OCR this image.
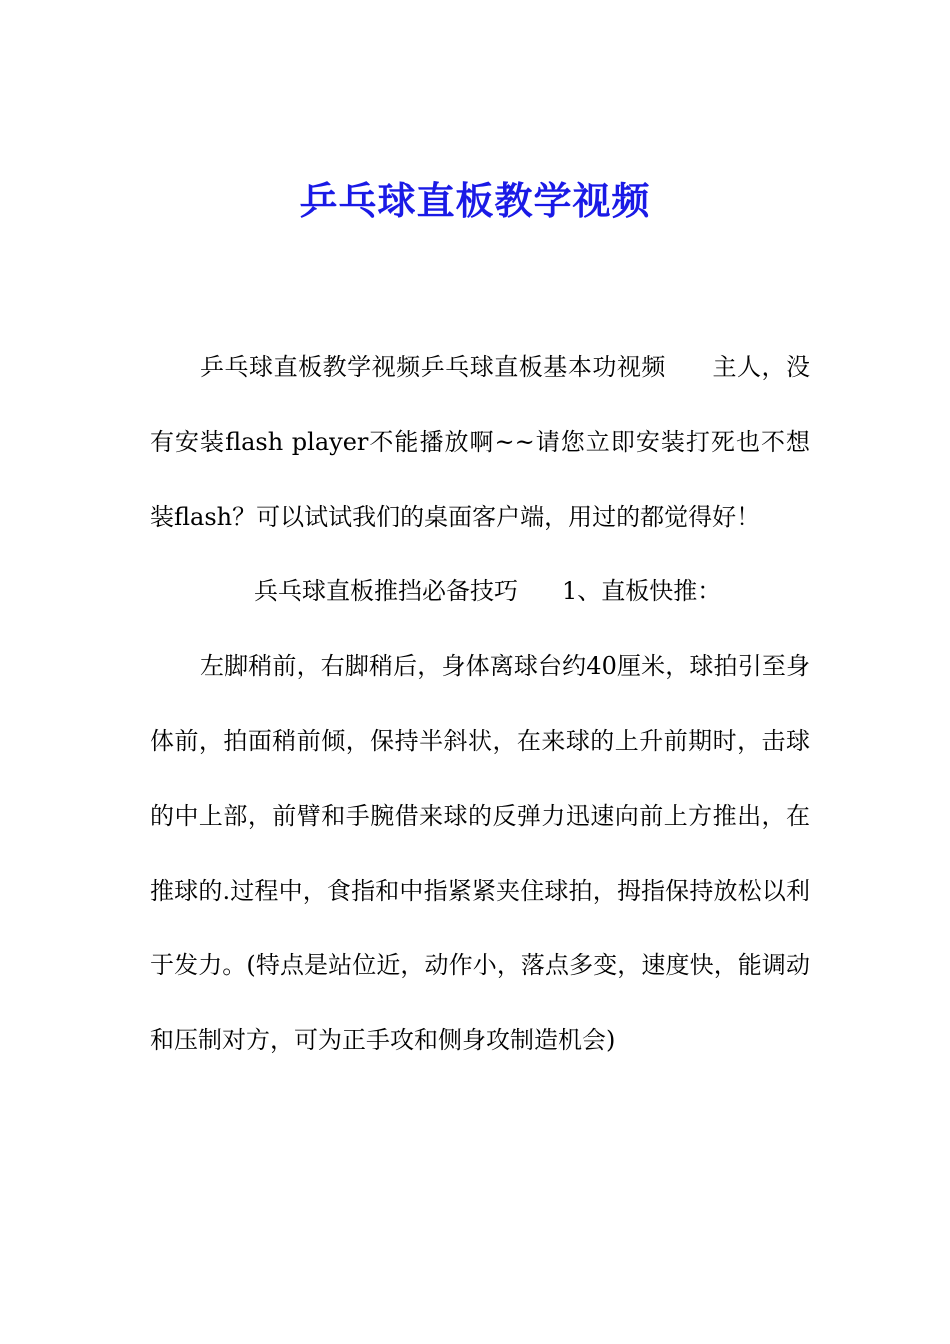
乒乓球直板教学视频

乒乓球直板教学视频乒乓球直板基本功视频 主人，没有安装flash player不能播放啊~~请您立即安装打死也不想装flash？可以试试我们的桌面客户端，用过的都觉得好！

兵乓球直板推挡必备技巧 1、直板快推：

左脚稍前，右脚稍后，身体离球台约40厘米，球拍引至身体前，拍面稍前倾，保持半斜状，在来球的上升前期时，击球的中上部，前臂和手腕借来球的反弹力迅速向前上方推出，在推球的.过程中，食指和中指紧紧夹住球拍，拇指保持放松以利于发力。(特点是站位近，动作小，落点多变，速度快，能调动和压制对方，可为正手攻和侧身攻制造机会)
